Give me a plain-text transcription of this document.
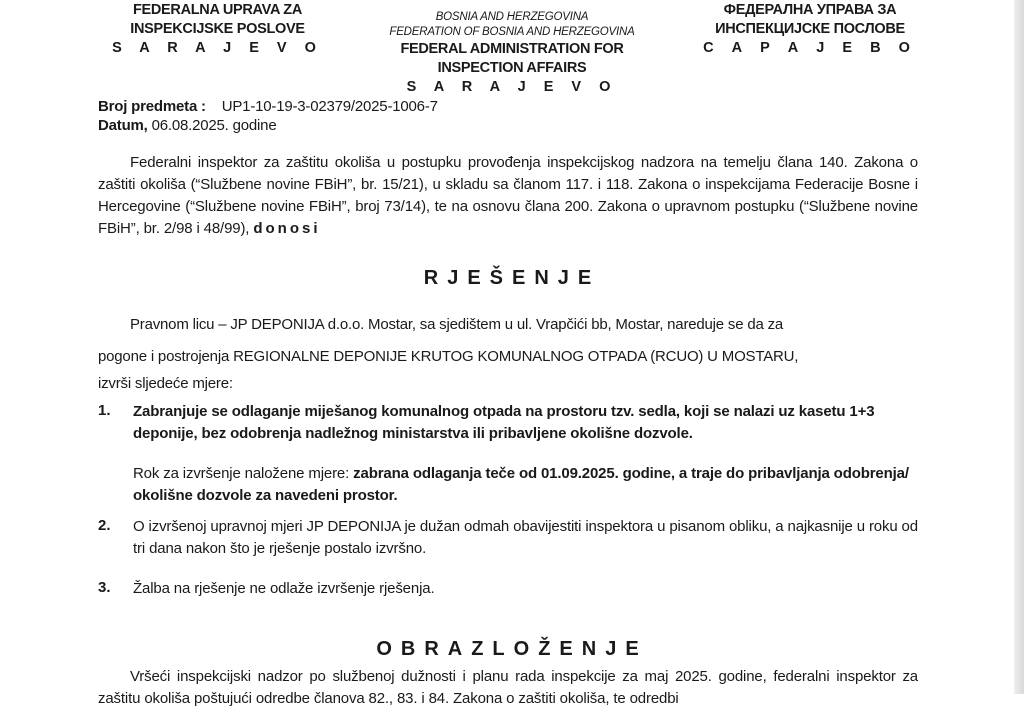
FEDERALNA UPRAVA ZA
INSPEKCIJSKE POSLOVE
S A R A J E V O
BOSNIA AND HERZEGOVINA
FEDERATION OF BOSNIA AND HERZEGOVINA
FEDERAL ADMINISTRATION FOR
INSPECTION AFFAIRS
S A R A J E V O
ФЕДЕРАЛНА УПРАВА ЗА
ИНСПЕКЦИЈСКЕ ПОСЛОВЕ
С А Р А Ј Е В О
Broj predmeta : UP1-10-19-3-02379/2025-1006-7
Datum, 06.08.2025. godine
Federalni inspektor za zaštitu okoliša u postupku provođenja inspekcijskog nadzora na temelju člana 140. Zakona o zaštiti okoliša (“Službene novine FBiH”, br. 15/21), u skladu sa članom 117. i 118. Zakona o inspekcijama Federacije Bosne i Hercegovine (“Službene novine FBiH”, broj 73/14), te na osnovu člana 200. Zakona o upravnom postupku (“Službene novine FBiH”, br. 2/98 i 48/99), donosi
RJEŠENJE
Pravnom licu – JP DEPONIJA d.o.o. Mostar, sa sjedištem u ul. Vrapčići bb, Mostar, nareduje se da za
pogone i postrojenja REGIONALNE DEPONIJE KRUTOG KOMUNALNOG OTPADA (RCUO) U MOSTARU,
izvrši sljedeće mjere:
1. Zabranjuje se odlaganje miješanog komunalnog otpada na prostoru tzv. sedla, koji se nalazi uz kasetu 1+3 deponije, bez odobrenja nadležnog ministarstva ili pribavljene okolišne dozvole.
Rok za izvršenje naložene mjere: zabrana odlaganja teče od 01.09.2025. godine, a traje do pribavljanja odobrenja/ okolišne dozvole za navedeni prostor.
2. O izvršenoj upravnoj mjeri JP DEPONIJA je dužan odmah obavijestiti inspektora u pisanom obliku, a najkasnije u roku od tri dana nakon što je rješenje postalo izvršno.
3. Žalba na rješenje ne odlaže izvršenje rješenja.
OBRAZLOŽENJE
Vršeći inspekcijski nadzor po službenoj dužnosti i planu rada inspekcije za maj 2025. godine, federalni inspektor za zaštitu okoliša poštujući odredbe članova 82., 83. i 84. Zakona o zaštiti okoliša, te odredbi
